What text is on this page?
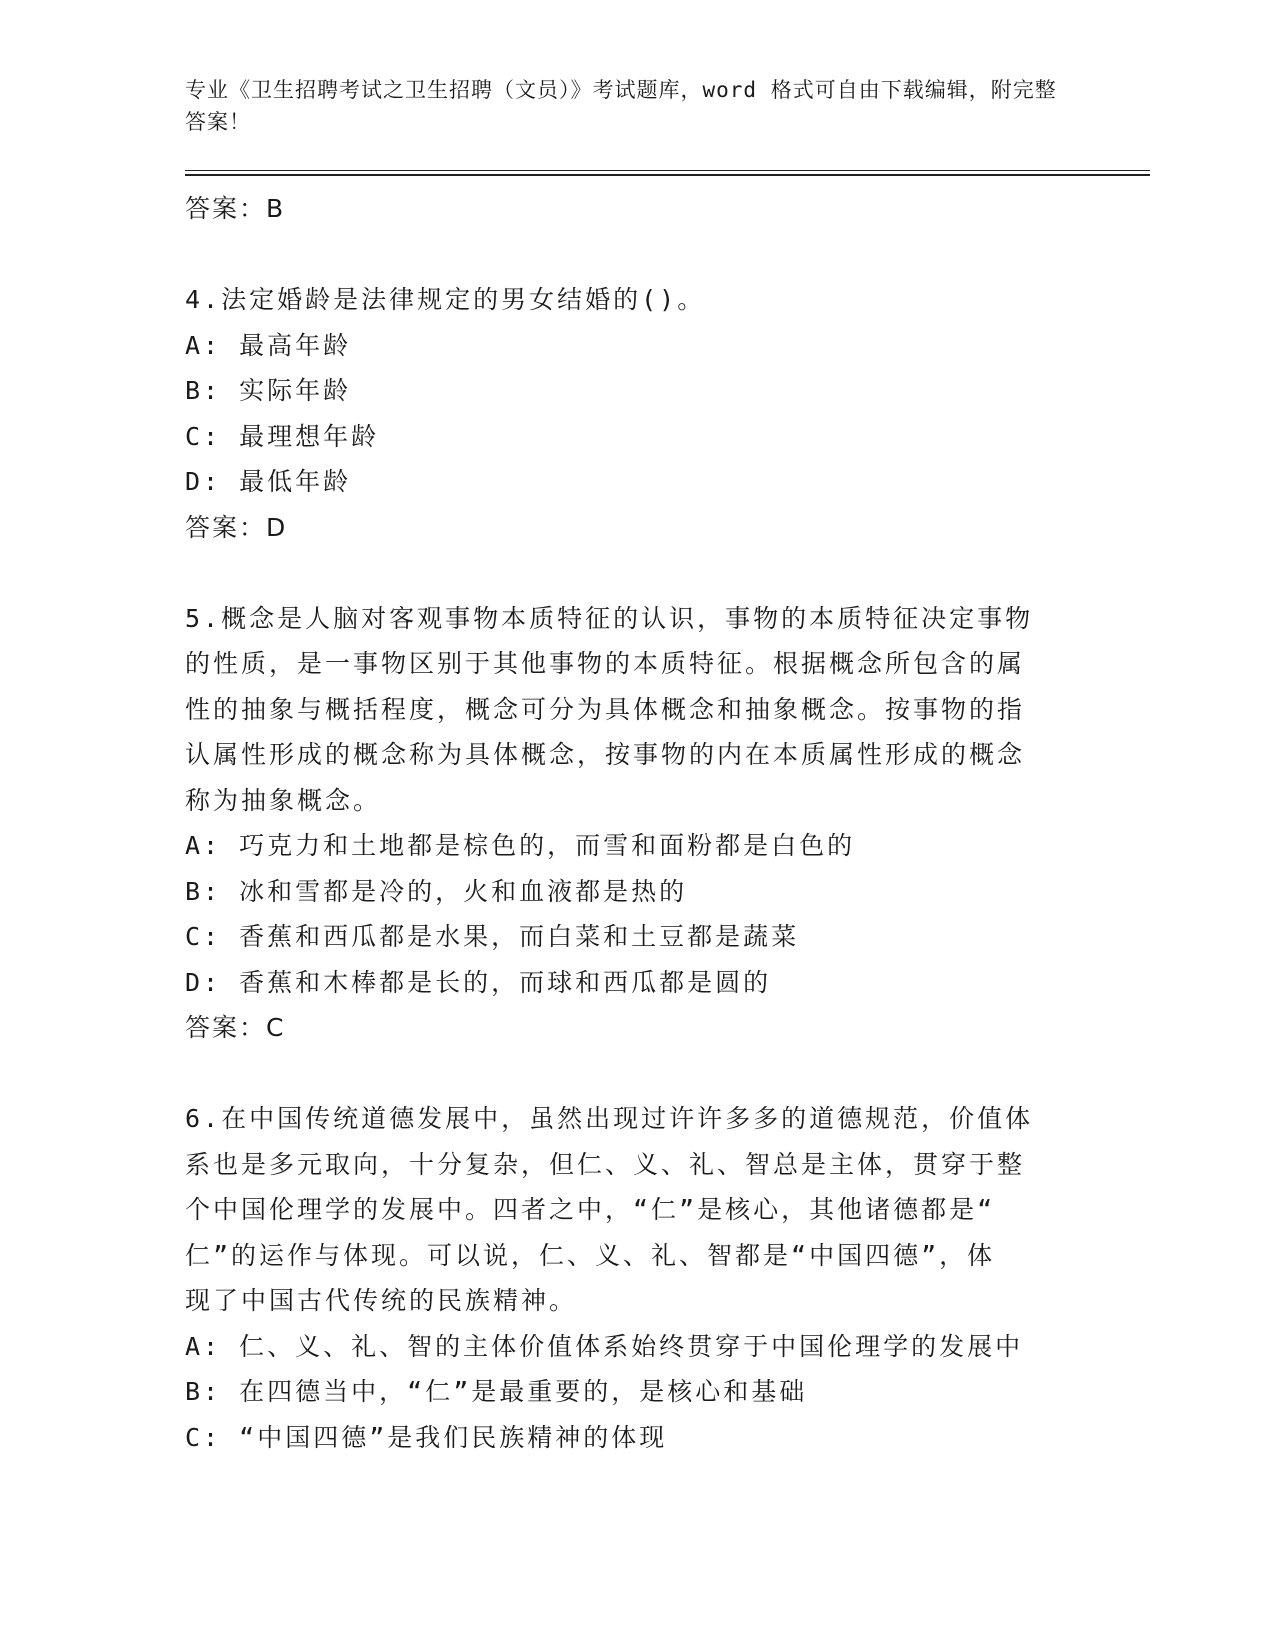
专业《卫生招聘考试之卫生招聘（文员）》考试题库，word 格式可自由下载编辑，附完整答案！

答案：B

4.法定婚龄是法律规定的男女结婚的()。

A: 最高年龄

B: 实际年龄

C: 最理想年龄

D: 最低年龄

答案：D

5.概念是人脑对客观事物本质特征的认识，事物的本质特征决定事物

的性质，是一事物区别于其他事物的本质特征。根据概念所包含的属

性的抽象与概括程度，概念可分为具体概念和抽象概念。按事物的指

认属性形成的概念称为具体概念，按事物的内在本质属性形成的概念

称为抽象概念。

A: 巧克力和土地都是棕色的，而雪和面粉都是白色的

B: 冰和雪都是冷的，火和血液都是热的

C: 香蕉和西瓜都是水果，而白菜和土豆都是蔬菜

D: 香蕉和木棒都是长的，而球和西瓜都是圆的

答案：C

6.在中国传统道德发展中，虽然出现过许许多多的道德规范，价值体

系也是多元取向，十分复杂，但仁、义、礼、智总是主体，贯穿于整

个中国伦理学的发展中。四者之中，“仁”是核心，其他诸德都是“

仁”的运作与体现。可以说，仁、义、礼、智都是“中国四德”，体

现了中国古代传统的民族精神。

A: 仁、义、礼、智的主体价值体系始终贯穿于中国伦理学的发展中

B: 在四德当中，“仁”是最重要的，是核心和基础

C: “中国四德”是我们民族精神的体现
